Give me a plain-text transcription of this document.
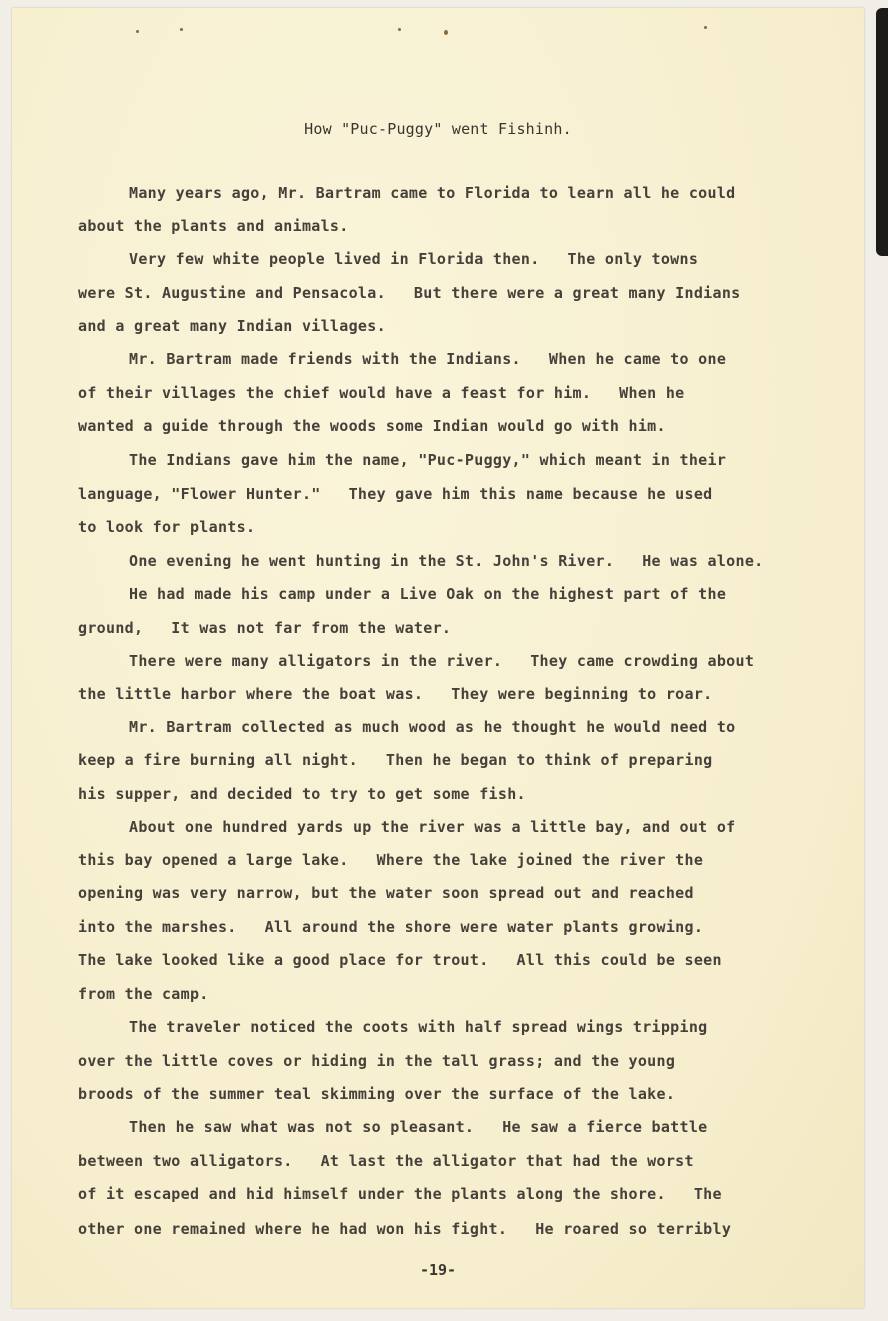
How "Puc-Puggy" went Fishinh.
Many years ago, Mr. Bartram came to Florida to learn all he could
about the plants and animals.
Very few white people lived in Florida then.   The only towns
were St. Augustine and Pensacola.   But there were a great many Indians
and a great many Indian villages.
Mr. Bartram made friends with the Indians.   When he came to one
of their villages the chief would have a feast for him.   When he
wanted a guide through the woods some Indian would go with him.
The Indians gave him the name, "Puc-Puggy," which meant in their
language, "Flower Hunter."   They gave him this name because he used
to look for plants.
One evening he went hunting in the St. John's River.   He was alone.
He had made his camp under a Live Oak on the highest part of the
ground,   It was not far from the water.
There were many alligators in the river.   They came crowding about
the little harbor where the boat was.   They were beginning to roar.
Mr. Bartram collected as much wood as he thought he would need to
keep a fire burning all night.   Then he began to think of preparing
his supper, and decided to try to get some fish.
About one hundred yards up the river was a little bay, and out of
this bay opened a large lake.   Where the lake joined the river the
opening was very narrow, but the water soon spread out and reached
into the marshes.   All around the shore were water plants growing.
The lake looked like a good place for trout.   All this could be seen
from the camp.
The traveler noticed the coots with half spread wings tripping
over the little coves or hiding in the tall grass; and the young
broods of the summer teal skimming over the surface of the lake.
Then he saw what was not so pleasant.   He saw a fierce battle
between two alligators.   At last the alligator that had the worst
of it escaped and hid himself under the plants along the shore.   The
other one remained where he had won his fight.   He roared so terribly
-19-
